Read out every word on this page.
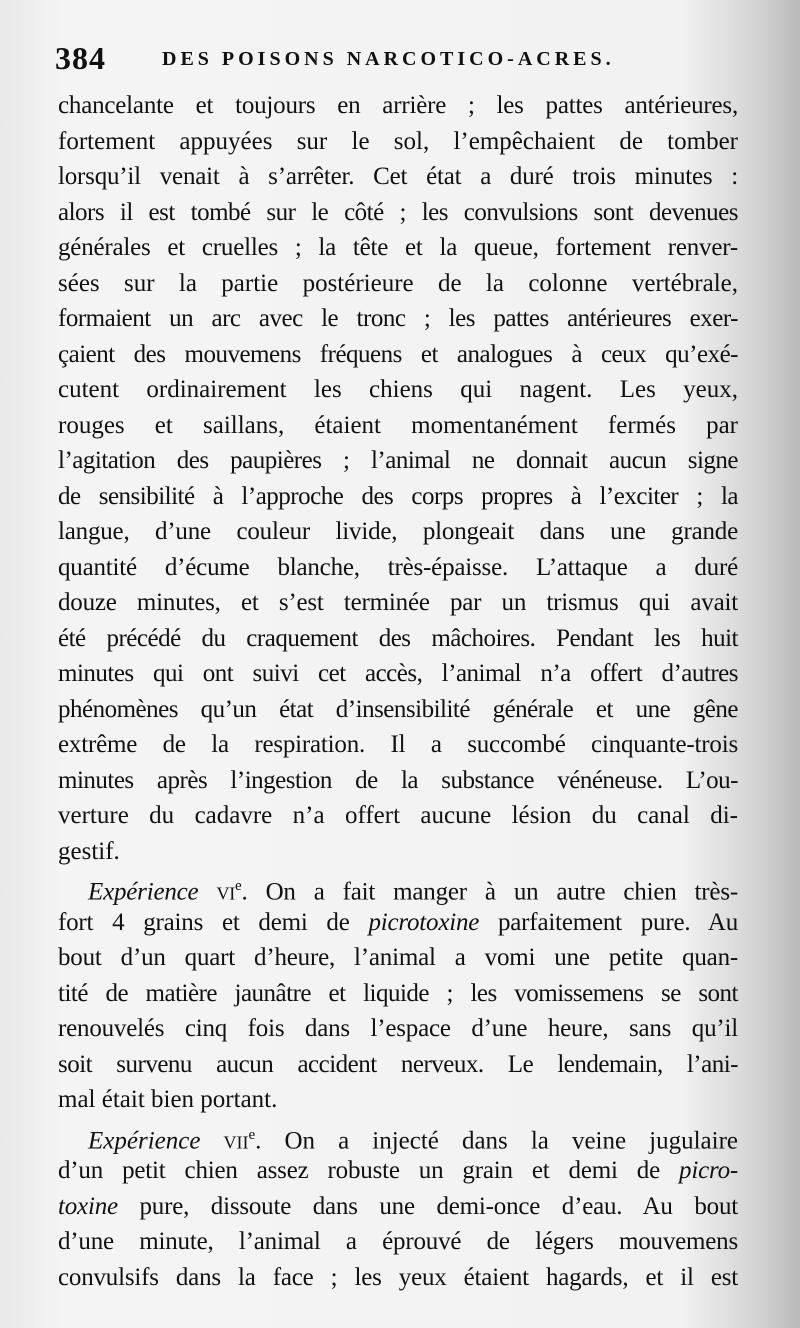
384	DES POISONS NARCOTICO-ACRES.
chancelante et toujours en arrière ; les pattes antérieures,
fortement appuyées sur le sol, l’empêchaient de tomber
lorsqu’il venait à s’arrêter. Cet état a duré trois minutes :
alors il est tombé sur le côté ; les convulsions sont devenues
générales et cruelles ; la tête et la queue, fortement renver-
sées sur la partie postérieure de la colonne vertébrale,
formaient un arc avec le tronc ; les pattes antérieures exer-
çaient des mouvemens fréquens et analogues à ceux qu’exé-
cutent ordinairement les chiens qui nagent. Les yeux,
rouges et saillans, étaient momentanément fermés par
l’agitation des paupières ; l’animal ne donnait aucun signe
de sensibilité à l’approche des corps propres à l’exciter ; la
langue, d’une couleur livide, plongeait dans une grande
quantité d’écume blanche, très-épaisse. L’attaque a duré
douze minutes, et s’est terminée par un trismus qui avait
été précédé du craquement des mâchoires. Pendant les huit
minutes qui ont suivi cet accès, l’animal n’a offert d’autres
phénomènes qu’un état d’insensibilité générale et une gêne
extrême de la respiration. Il a succombé cinquante-trois
minutes après l’ingestion de la substance vénéneuse. L’ou-
verture du cadavre n’a offert aucune lésion du canal di-
gestif.
Expérience $vi^e$. On a fait manger à un autre chien très-
fort 4 grains et demi de picrotoxine parfaitement pure. Au
bout d’un quart d’heure, l’animal a vomi une petite quan-
tité de matière jaunâtre et liquide ; les vomissemens se sont
renouvelés cinq fois dans l’espace d’une heure, sans qu’il
soit survenu aucun accident nerveux. Le lendemain, l’ani-
mal était bien portant.
Expérience vii$^e$. On a injecté dans la veine jugulaire
d’un petit chien assez robuste un grain et demi de picro-
toxine pure, dissoute dans une demi-once d’eau. Au bout
d’une minute, l’animal a éprouvé de légers mouvemens
convulsifs dans la face ; les yeux étaient hagards, et il est
